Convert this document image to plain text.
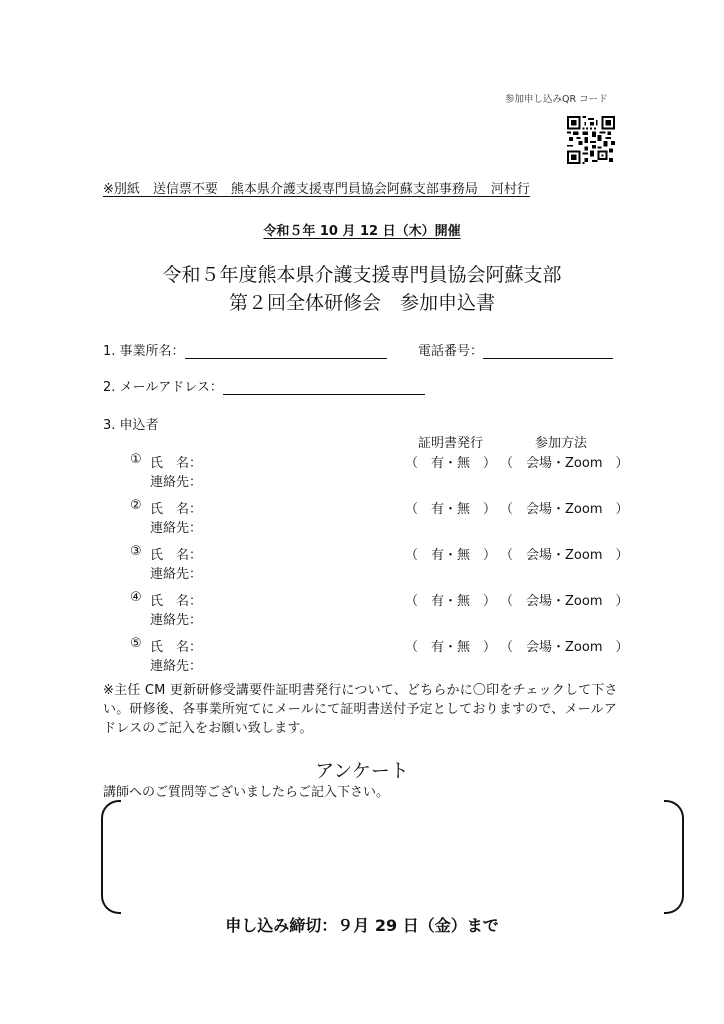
参加申し込みQR コード
※別紙　送信票不要　熊本県介護支援専門員協会阿蘇支部事務局　河村行
令和５年 10 月 12 日（木）開催
令和５年度熊本県介護支援専門員協会阿蘇支部
第２回全体研修会　参加申込書
1. 事業所名：	電話番号：
2. メールアドレス：
3. 申込者
証明書発行	参加方法
① 氏　名：
連絡先：
（　有・無　） （　会場・Zoom　）
② 氏　名：
連絡先：
（　有・無　） （　会場・Zoom　）
③ 氏　名：
連絡先：
（　有・無　） （　会場・Zoom　）
④ 氏　名：
連絡先：
（　有・無　） （　会場・Zoom　）
⑤ 氏　名：
連絡先：
（　有・無　） （　会場・Zoom　）
※主任 CM 更新研修受講要件証明書発行について、どちらかに〇印をチェックして下さい。研修後、各事業所宛てにメールにて証明書送付予定としておりますので、メールアドレスのご記入をお願い致します。
アンケート
講師へのご質問等ございましたらご記入下さい。
申し込み締切：９月 29 日（金）まで
